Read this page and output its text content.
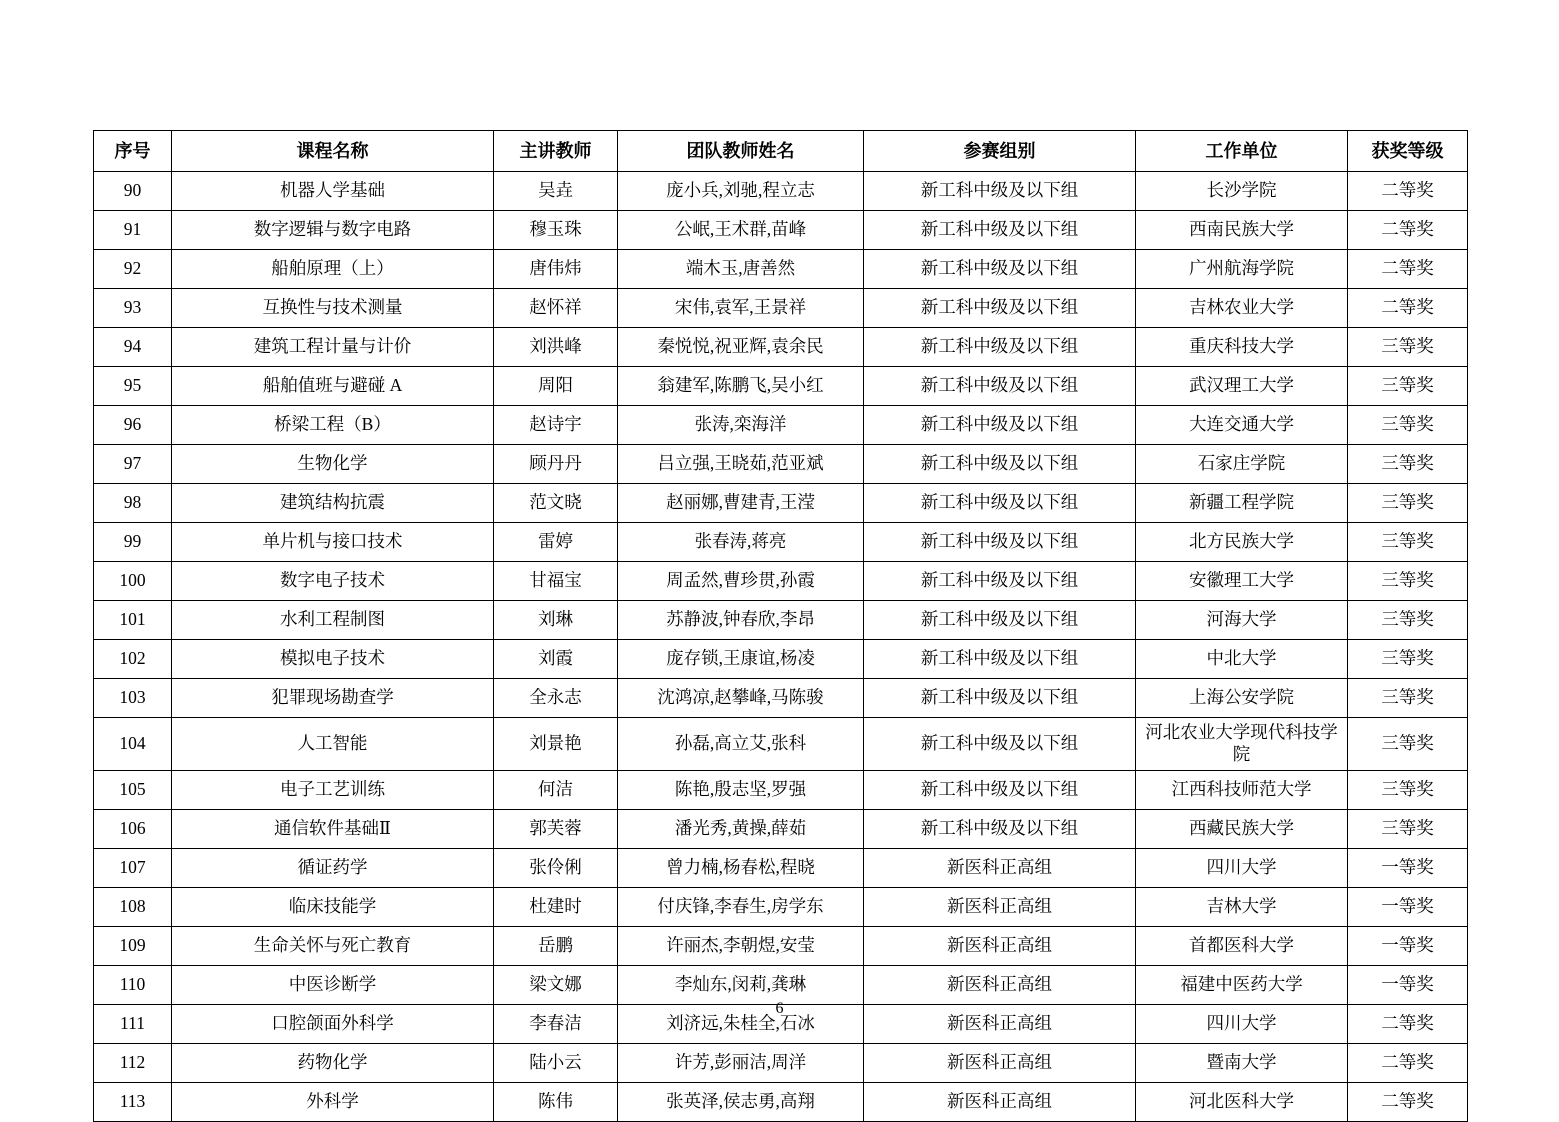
序号	课程名称	主讲教师	团队教师姓名	参赛组别	工作单位	获奖等级
90	机器人学基础	吴垚	庞小兵,刘驰,程立志	新工科中级及以下组	长沙学院	二等奖
91	数字逻辑与数字电路	穆玉珠	公岷,王术群,苗峰	新工科中级及以下组	西南民族大学	二等奖
92	船舶原理（上）	唐伟炜	端木玉,唐善然	新工科中级及以下组	广州航海学院	二等奖
93	互换性与技术测量	赵怀祥	宋伟,袁军,王景祥	新工科中级及以下组	吉林农业大学	二等奖
94	建筑工程计量与计价	刘洪峰	秦悦悦,祝亚辉,袁余民	新工科中级及以下组	重庆科技大学	三等奖
95	船舶值班与避碰 A	周阳	翁建军,陈鹏飞,吴小红	新工科中级及以下组	武汉理工大学	三等奖
96	桥梁工程（B）	赵诗宇	张涛,栾海洋	新工科中级及以下组	大连交通大学	三等奖
97	生物化学	顾丹丹	吕立强,王晓茹,范亚斌	新工科中级及以下组	石家庄学院	三等奖
98	建筑结构抗震	范文晓	赵丽娜,曹建青,王滢	新工科中级及以下组	新疆工程学院	三等奖
99	单片机与接口技术	雷婷	张春涛,蒋亮	新工科中级及以下组	北方民族大学	三等奖
100	数字电子技术	甘福宝	周孟然,曹珍贯,孙霞	新工科中级及以下组	安徽理工大学	三等奖
101	水利工程制图	刘琳	苏静波,钟春欣,李昂	新工科中级及以下组	河海大学	三等奖
102	模拟电子技术	刘霞	庞存锁,王康谊,杨凌	新工科中级及以下组	中北大学	三等奖
103	犯罪现场勘查学	全永志	沈鸿凉,赵攀峰,马陈骏	新工科中级及以下组	上海公安学院	三等奖
104	人工智能	刘景艳	孙磊,高立艾,张科	新工科中级及以下组	河北农业大学现代科技学院	三等奖
105	电子工艺训练	何洁	陈艳,殷志坚,罗强	新工科中级及以下组	江西科技师范大学	三等奖
106	通信软件基础Ⅱ	郭芙蓉	潘光秀,黄操,薛茹	新工科中级及以下组	西藏民族大学	三等奖
107	循证药学	张伶俐	曾力楠,杨春松,程晓	新医科正高组	四川大学	一等奖
108	临床技能学	杜建时	付庆锋,李春生,房学东	新医科正高组	吉林大学	一等奖
109	生命关怀与死亡教育	岳鹏	许丽杰,李朝煜,安莹	新医科正高组	首都医科大学	一等奖
110	中医诊断学	梁文娜	李灿东,闵莉,龚琳	新医科正高组	福建中医药大学	一等奖
111	口腔颌面外科学	李春洁	刘济远,朱桂全,石冰	新医科正高组	四川大学	二等奖
112	药物化学	陆小云	许芳,彭丽洁,周洋	新医科正高组	暨南大学	二等奖
113	外科学	陈伟	张英泽,侯志勇,高翔	新医科正高组	河北医科大学	二等奖
6
